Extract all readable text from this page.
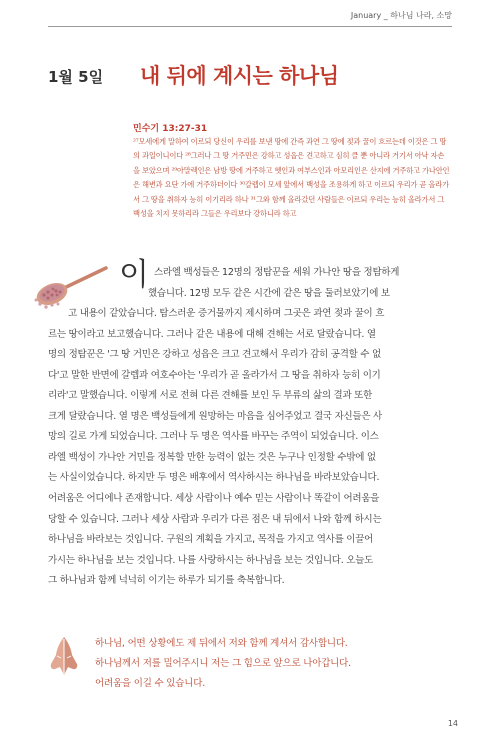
January _ 하나님 나라, 소망
1월 5일 내 뒤에 계시는 하나님
민수기 13:27-31
²⁷모세에게 말하여 이르되 당신이 우리를 보낸 땅에 간즉 과연 그 땅에 젖과 꿀이 흐르는데 이것은 그 땅의 과일이니이다 ²⁸그러나 그 땅 거주민은 강하고 성읍은 견고하고 심히 클 뿐 아니라 거기서 아낙 자손을 보았으며 ²⁹아말렉인은 남방 땅에 거주하고 헷인과 여부스인과 아모리인은 산지에 거주하고 가나안인은 해변과 요단 가에 거주하더이다 ³⁰갈렙이 모세 앞에서 백성을 조용하게 하고 이르되 우리가 곧 올라가서 그 땅을 취하자 능히 이기리라 하나 ³¹그와 함께 올라갔던 사람들은 이르되 우리는 능히 올라가서 그 백성을 치지 못하리라 그들은 우리보다 강하니라 하고
이 스라엘 백성들은 12명의 정탐꾼을 세워 가나안 땅을 정탐하게
했습니다. 12명 모두 같은 시간에 같은 땅을 둘러보았기에 보
고 내용이 같았습니다. 탐스러운 증거물까지 제시하며 그곳은 과연 젖과 꿀이 흐
르는 땅이라고 보고했습니다. 그러나 같은 내용에 대해 견해는 서로 달랐습니다. 열
명의 정탐꾼은 '그 땅 거민은 강하고 성읍은 크고 견고해서 우리가 감히 공격할 수 없
다'고 말한 반면에 갈렙과 여호수아는 '우리가 곧 올라가서 그 땅을 취하자 능히 이기
리라'고 말했습니다. 이렇게 서로 전혀 다른 견해를 보인 두 부류의 삶의 결과 또한
크게 달랐습니다. 열 명은 백성들에게 원망하는 마음을 심어주었고 결국 자신들은 사
망의 길로 가게 되었습니다. 그러나 두 명은 역사를 바꾸는 주역이 되었습니다. 이스
라엘 백성이 가나안 거민을 정복할 만한 능력이 없는 것은 누구나 인정할 수밖에 없
는 사실이었습니다. 하지만 두 명은 배후에서 역사하시는 하나님을 바라보았습니다.
어려움은 어디에나 존재합니다. 세상 사람이나 예수 믿는 사람이나 똑같이 어려움을
당할 수 있습니다. 그러나 세상 사람과 우리가 다른 점은 내 뒤에서 나와 함께 하시는
하나님을 바라보는 것입니다. 구원의 계획을 가지고, 목적을 가지고 역사를 이끌어
가시는 하나님을 보는 것입니다. 나를 사랑하시는 하나님을 보는 것입니다. 오늘도
그 하나님과 함께 넉넉히 이기는 하루가 되기를 축복합니다.
하나님, 어떤 상황에도 제 뒤에서 저와 함께 계셔서 감사합니다.
하나님께서 저를 밀어주시니 저는 그 힘으로 앞으로 나아갑니다.
어려움을 이길 수 있습니다.
14
